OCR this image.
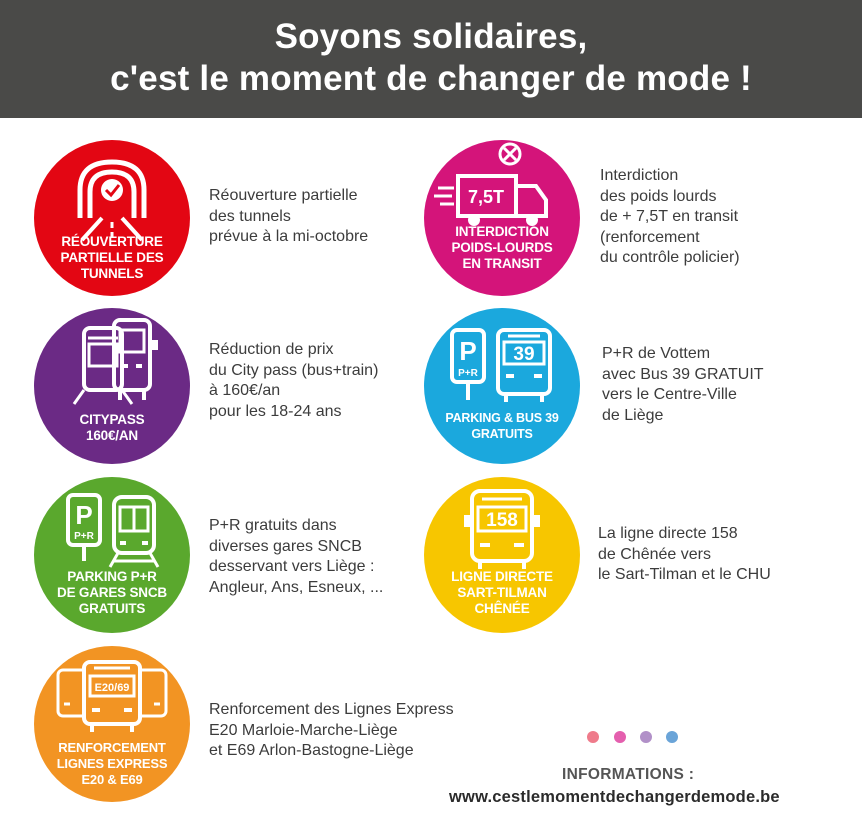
Soyons solidaires,
c'est le moment de changer de mode !
RÉOUVERTURE
PARTIELLE DES
TUNNELS
Réouverture partielle
des tunnels
prévue à la mi-octobre
7,5T
INTERDICTION
POIDS-LOURDS
EN TRANSIT
Interdiction
des poids lourds
de + 7,5T en transit
(renforcement
du contrôle policier)
CITYPASS
160€/AN
Réduction de prix
du City pass (bus+train)
à 160€/an
pour les 18-24 ans
P
P+R
39
PARKING & BUS 39
GRATUITS
P+R de Vottem
avec Bus 39 GRATUIT
vers le Centre-Ville
de Liège
P
P+R
PARKING P+R
DE GARES SNCB
GRATUITS
P+R gratuits dans
diverses gares SNCB
desservant vers Liège :
Angleur, Ans, Esneux, ...
158
LIGNE DIRECTE
SART-TILMAN
CHÊNÉE
La ligne directe 158
de Chênée vers
le Sart-Tilman et le CHU
E20/69
RENFORCEMENT
LIGNES EXPRESS
E20 & E69
Renforcement des Lignes Express
E20 Marloie-Marche-Liège
et E69 Arlon-Bastogne-Liège
INFORMATIONS :
www.cestlemomentdechangerdemode.be
